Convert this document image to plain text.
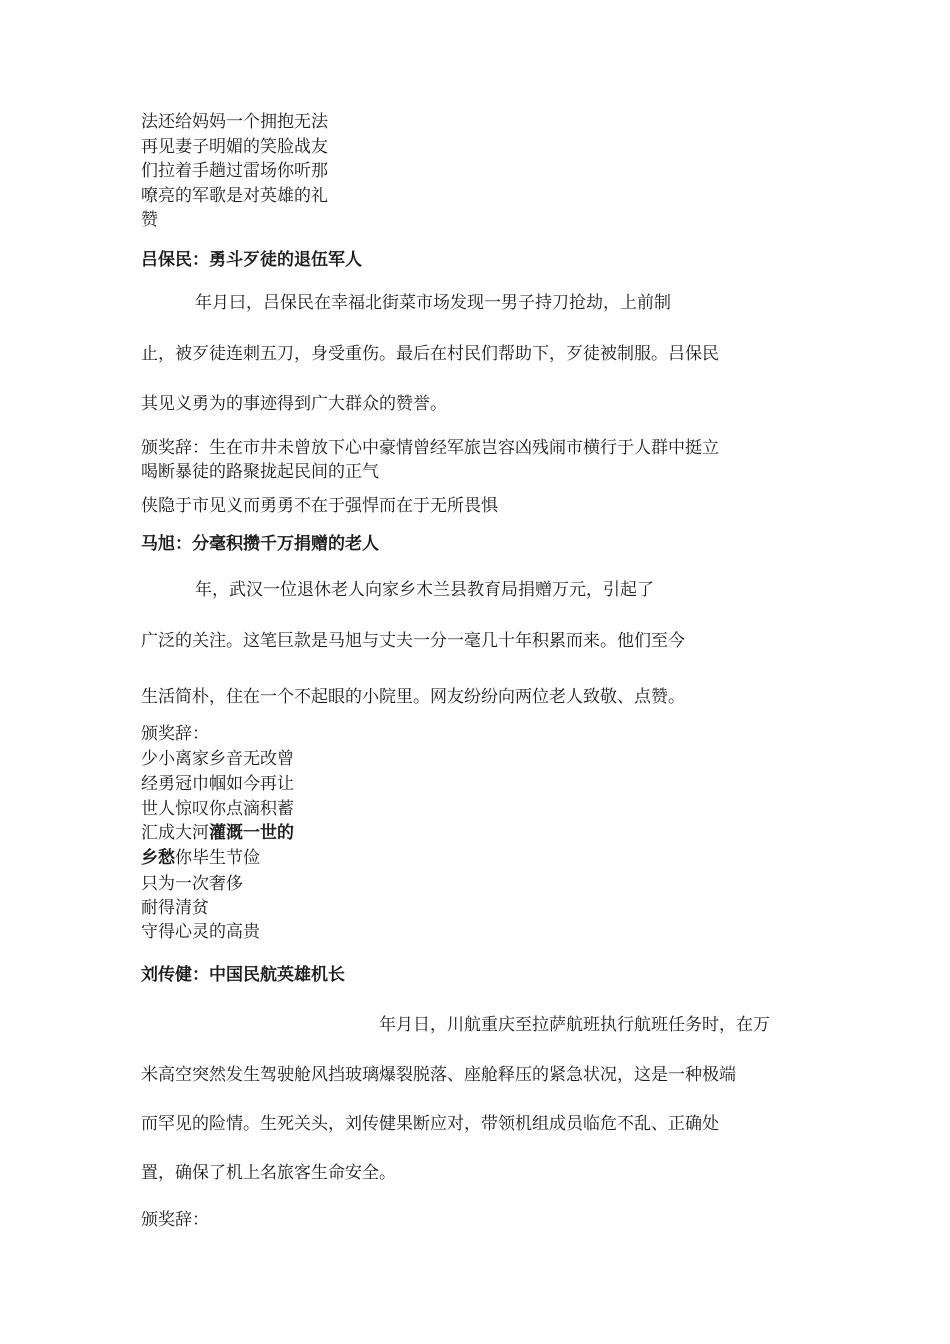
法还给妈妈一个拥抱无法
再见妻子明媚的笑脸战友
们拉着手趟过雷场你听那
嘹亮的军歌是对英雄的礼
赞
吕保民：勇斗歹徒的退伍军人
年月曰，吕保民在幸福北街菜市场发现一男子持刀抢劫，上前制
止，被歹徒连刺五刀，身受重伤。最后在村民们帮助下，歹徒被制服。吕保民
其见义勇为的事迹得到广大群众的赞誉。
颁奖辞：生在市井未曾放下心中豪情曾经军旅岂容凶残闹市横行于人群中挺立
喝断暴徒的路聚拢起民间的正气
侠隐于市见义而勇勇不在于强悍而在于无所畏惧
马旭：分毫积攒千万捐赠的老人
年，武汉一位退休老人向家乡木兰县教育局捐赠万元，引起了
广泛的关注。这笔巨款是马旭与丈夫一分一毫几十年积累而来。他们至今
生活简朴，住在一个不起眼的小院里。网友纷纷向两位老人致敬、点赞。
颁奖辞：
少小离家乡音无改曾
经勇冠巾帼如今再让
世人惊叹你点滴积蓄
汇成大河灌溉一世的
乡愁你毕生节俭
只为一次奢侈
耐得清贫
守得心灵的高贵
刘传健：中国民航英雄机长
年月日，川航重庆至拉萨航班执行航班任务时，在万
米高空突然发生驾驶舱风挡玻璃爆裂脱落、座舱释压的紧急状况，这是一种极端
而罕见的险情。生死关头，刘传健果断应对，带领机组成员临危不乱、正确处
置，确保了机上名旅客生命安全。
颁奖辞：
